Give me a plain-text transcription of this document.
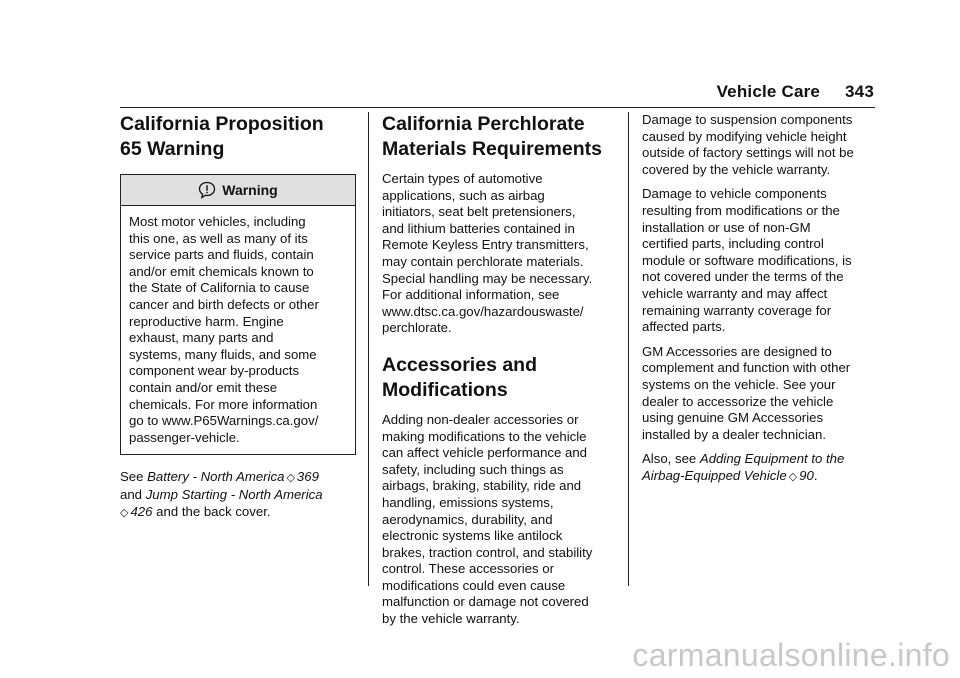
Vehicle Care 343
California Proposition
65 Warning
Warning
Most motor vehicles, including
this one, as well as many of its
service parts and fluids, contain
and/or emit chemicals known to
the State of California to cause
cancer and birth defects or other
reproductive harm. Engine
exhaust, many parts and
systems, many fluids, and some
component wear by-products
contain and/or emit these
chemicals. For more information
go to www.P65Warnings.ca.gov/
passenger-vehicle.
See Battery - North America ◇ 369
and Jump Starting - North America
◇ 426 and the back cover.
California Perchlorate
Materials Requirements
Certain types of automotive
applications, such as airbag
initiators, seat belt pretensioners,
and lithium batteries contained in
Remote Keyless Entry transmitters,
may contain perchlorate materials.
Special handling may be necessary.
For additional information, see
www.dtsc.ca.gov/hazardouswaste/
perchlorate.
Accessories and
Modifications
Adding non-dealer accessories or
making modifications to the vehicle
can affect vehicle performance and
safety, including such things as
airbags, braking, stability, ride and
handling, emissions systems,
aerodynamics, durability, and
electronic systems like antilock
brakes, traction control, and stability
control. These accessories or
modifications could even cause
malfunction or damage not covered
by the vehicle warranty.
Damage to suspension components
caused by modifying vehicle height
outside of factory settings will not be
covered by the vehicle warranty.
Damage to vehicle components
resulting from modifications or the
installation or use of non-GM
certified parts, including control
module or software modifications, is
not covered under the terms of the
vehicle warranty and may affect
remaining warranty coverage for
affected parts.
GM Accessories are designed to
complement and function with other
systems on the vehicle. See your
dealer to accessorize the vehicle
using genuine GM Accessories
installed by a dealer technician.
Also, see Adding Equipment to the
Airbag-Equipped Vehicle ◇ 90.
carmanualsonline.info
